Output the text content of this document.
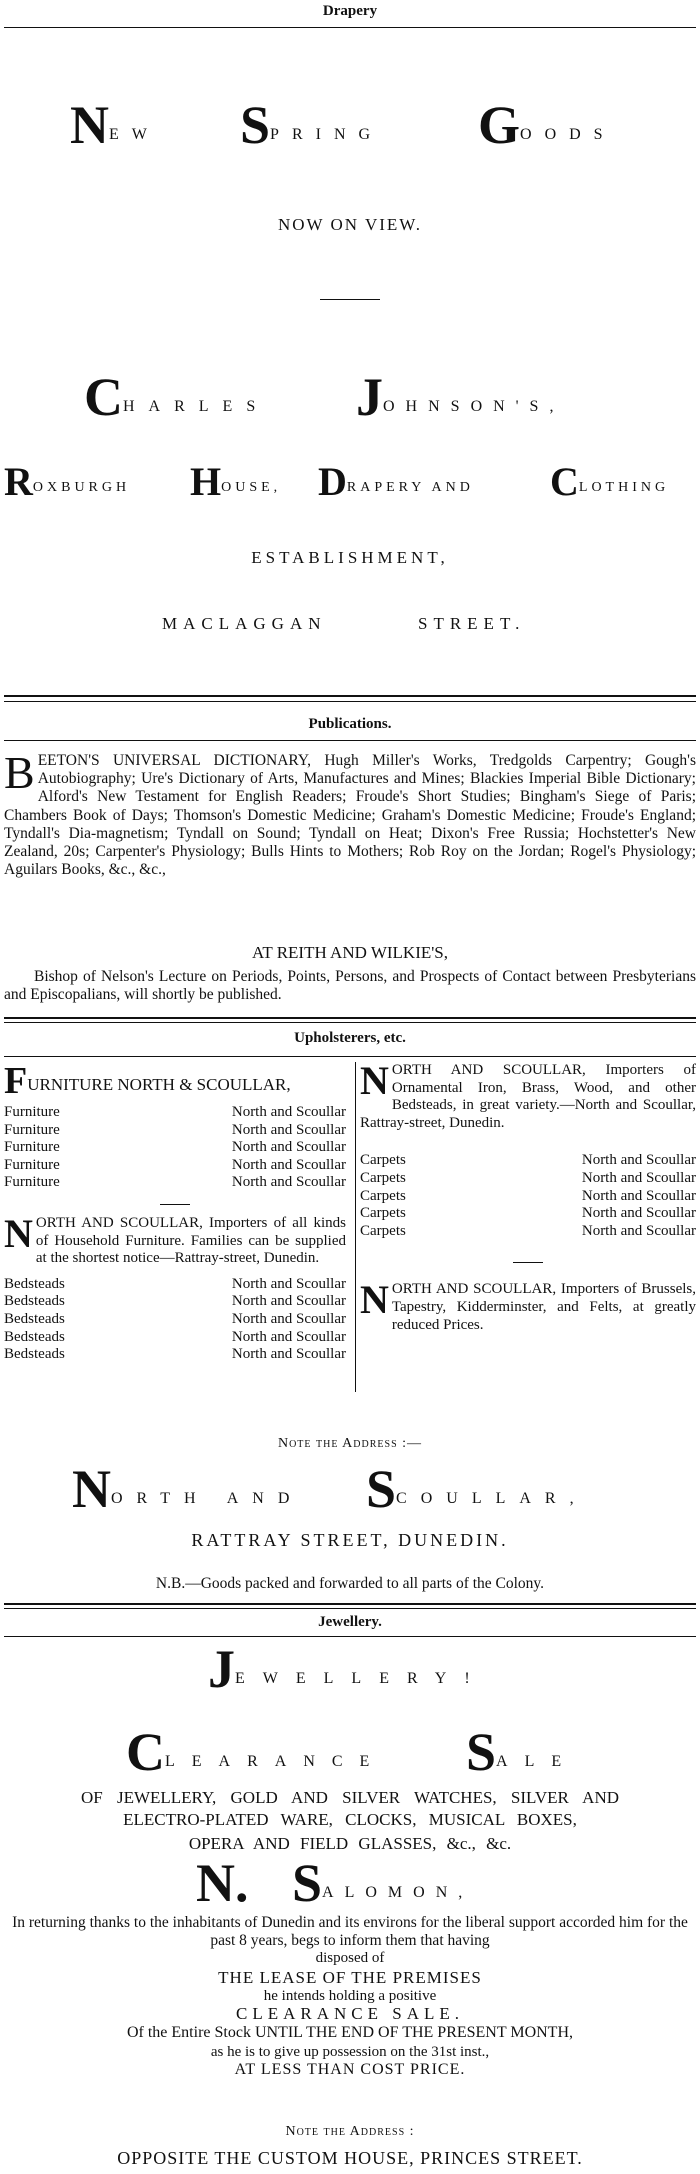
Drapery
NEW SPRING GOODS
NOW ON VIEW.
CHARLES JOHNSON'S,
ROXBURGH HOUSE, DRAPERY AND CLOTHING
ESTABLISHMENT,
MACLAGGAN	STREET.
Publications.
BEETON'S UNIVERSAL DICTIONARY, Hugh Miller's Works, Tredgolds Carpentry; Gough's Autobiography; Ure's Dictionary of Arts, Manufactures and Mines; Blackies Imperial Bible Dictionary; Alford's New Testament for English Readers; Froude's Short Studies; Bingham's Siege of Paris; Chambers Book of Days; Thomson's Domestic Medicine; Graham's Domestic Medicine; Froude's England; Tyndall's Dia-magnetism; Tyndall on Sound; Tyndall on Heat; Dixon's Free Russia; Hochstetter's New Zealand, 20s; Carpenter's Physiology; Bulls Hints to Mothers; Rob Roy on the Jordan; Rogel's Physiology; Aguilars Books, &c., &c.,
AT REITH AND WILKIE'S,
Bishop of Nelson's Lecture on Periods, Points, Persons, and Prospects of Contact between Presbyterians and Episcopalians, will shortly be published.
Upholsterers, etc.
FURNITURE NORTH & SCOULLAR,
Furniture	North and Scoullar
Furniture	North and Scoullar
Furniture	North and Scoullar
Furniture	North and Scoullar
Furniture	North and Scoullar
NORTH AND SCOULLAR, Importers of all kinds of Household Furniture. Families can be supplied at the shortest notice—Rattray-street, Dunedin.
Bedsteads	North and Scoullar
Bedsteads	North and Scoullar
Bedsteads	North and Scoullar
Bedsteads	North and Scoullar
Bedsteads	North and Scoullar
NORTH AND SCOULLAR, Importers of Ornamental Iron, Brass, Wood, and other Bedsteads, in great variety.—North and Scoullar, Rattray-street, Dunedin.
Carpets	North and Scoullar
Carpets	North and Scoullar
Carpets	North and Scoullar
Carpets	North and Scoullar
Carpets	North and Scoullar
NORTH AND SCOULLAR, Importers of Brussels, Tapestry, Kidderminster, and Felts, at greatly reduced Prices.
Note the Address :—
NORTH AND SCOULLAR,
RATTRAY STREET, DUNEDIN.
N.B.—Goods packed and forwarded to all parts of the Colony.
Jewellery.
JEWELLERY!
CLEARANCE SALE
OF JEWELLERY, GOLD AND SILVER WATCHES, SILVER AND
ELECTRO-PLATED WARE, CLOCKS, MUSICAL BOXES,
OPERA AND FIELD GLASSES, &c., &c.
N. SALOMON,
In returning thanks to the inhabitants of Dunedin and its environs for the liberal support accorded him for the past 8 years, begs to inform them that having
disposed of
THE LEASE OF THE PREMISES
he intends holding a positive
CLEARANCE SALE.
Of the Entire Stock UNTIL THE END OF THE PRESENT MONTH,
as he is to give up possession on the 31st inst.,
AT LESS THAN COST PRICE.
Note the Address :
OPPOSITE THE CUSTOM HOUSE, PRINCES STREET.
